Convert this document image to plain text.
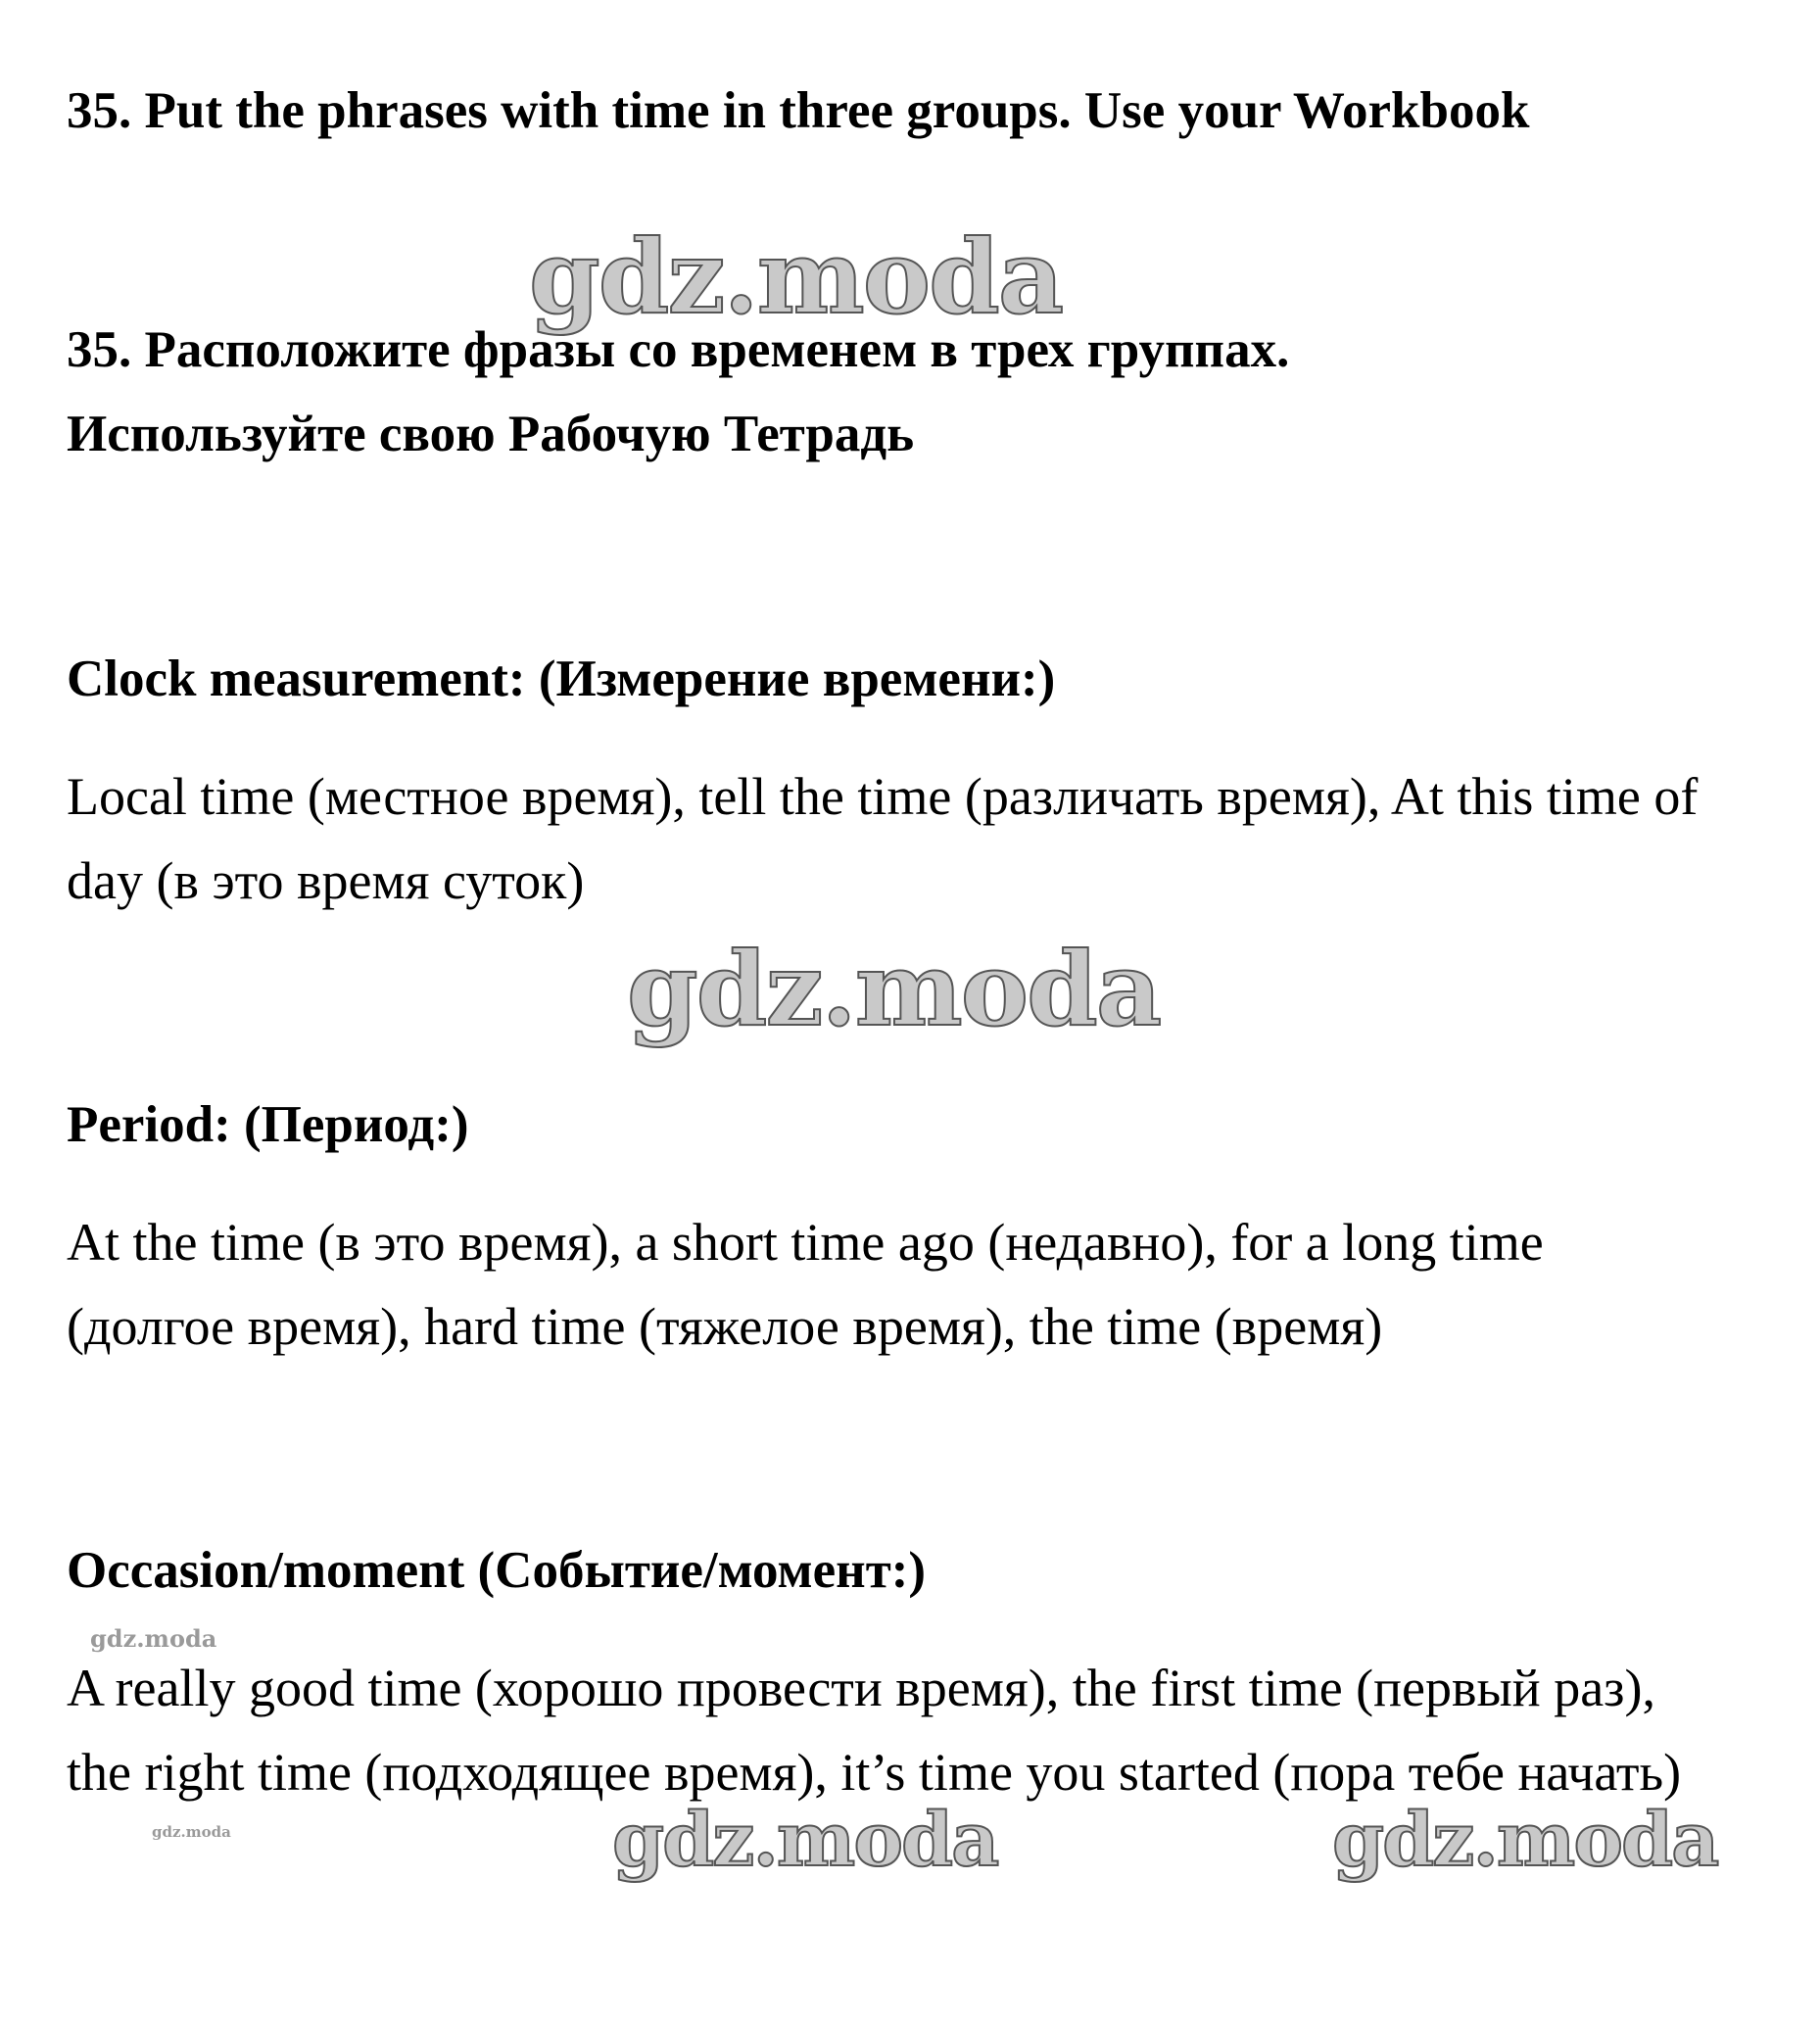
35. Put the phrases with time in three groups. Use your Workbook
gdz.moda
35. Расположите фразы со временем в трех группах.
Используйте свою Рабочую Тетрадь
Clock measurement: (Измерение времени:)

Local time (местное время), tell the time (различать время), At this time of day (в это время суток)

gdz.moda
Period: (Период:)

At the time (в это время), a short time ago (недавно), for a long time (долгое время), hard time (тяжелое время), the time (время)

Occasion/moment (Событие/момент:)
gdz.moda

A really good time (хорошо провести время), the first time (первый раз), the right time (подходящее время), it’s time you started (пора тебе начать)

gdz.moda	gdz.moda	gdz.moda
